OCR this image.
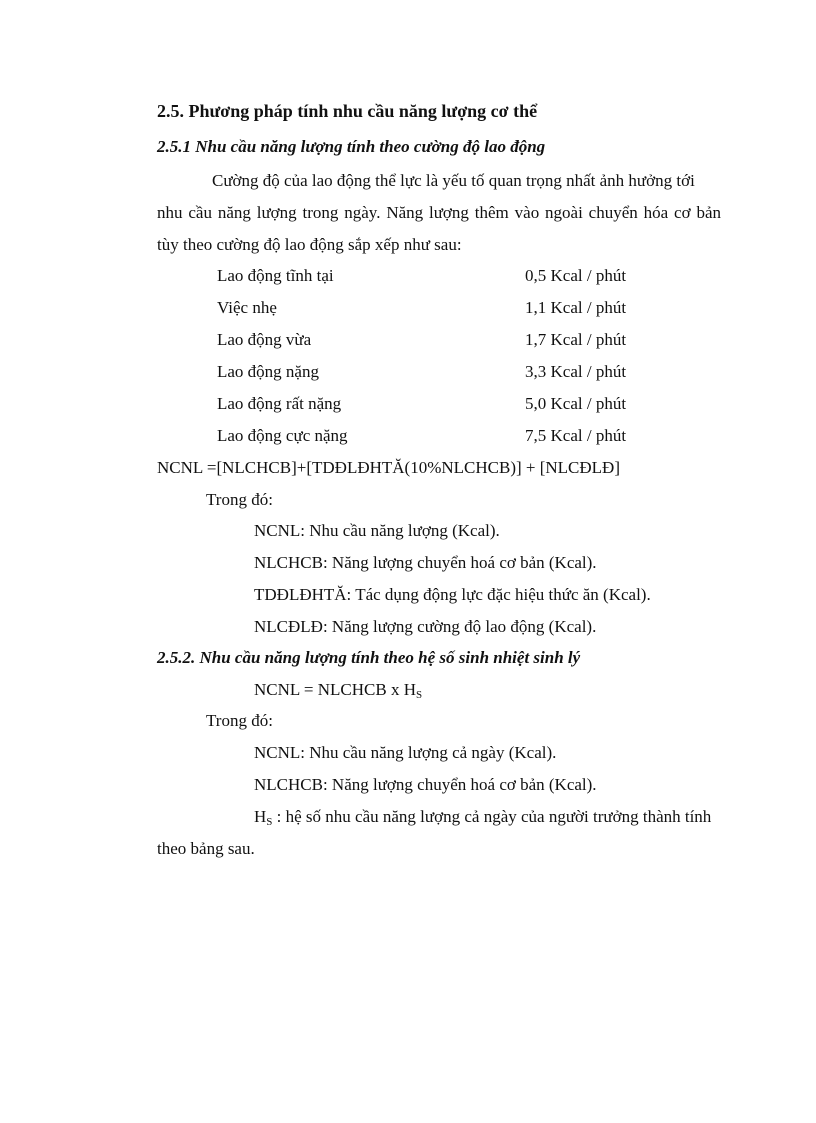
2.5. Phương pháp tính nhu cầu năng lượng cơ thể
2.5.1 Nhu cầu năng lượng tính theo cường độ lao động
Cường độ của lao động thể lực là yếu tố quan trọng nhất ảnh hưởng tới
nhu cầu năng lượng trong ngày. Năng lượng thêm vào ngoài chuyển hóa cơ bản
tùy theo cường độ lao động sắp xếp như sau:
Lao động tĩnh tại	0,5 Kcal / phút
Việc nhẹ	1,1 Kcal / phút
Lao động vừa	1,7 Kcal / phút
Lao động nặng	3,3 Kcal / phút
Lao động rất nặng	5,0 Kcal / phút
Lao động cực nặng	7,5 Kcal / phút
NCNL =[NLCHCB]+[TDĐLĐHTĂ(10%NLCHCB)] + [NLCĐLĐ]
Trong đó:
NCNL: Nhu cầu năng lượng (Kcal).
NLCHCB: Năng lượng chuyển hoá cơ bản (Kcal).
TDĐLĐHTĂ: Tác dụng động lực đặc hiệu thức ăn (Kcal).
NLCĐLĐ: Năng lượng cường độ lao động (Kcal).
2.5.2. Nhu cầu năng lượng tính theo hệ số sinh nhiệt sinh lý
NCNL = NLCHCB x $H_S$
Trong đó:
NCNL: Nhu cầu năng lượng cả ngày (Kcal).
NLCHCB: Năng lượng chuyển hoá cơ bản (Kcal).
$H_S$ : hệ số nhu cầu năng lượng cả ngày của người trưởng thành tính
theo bảng sau.
